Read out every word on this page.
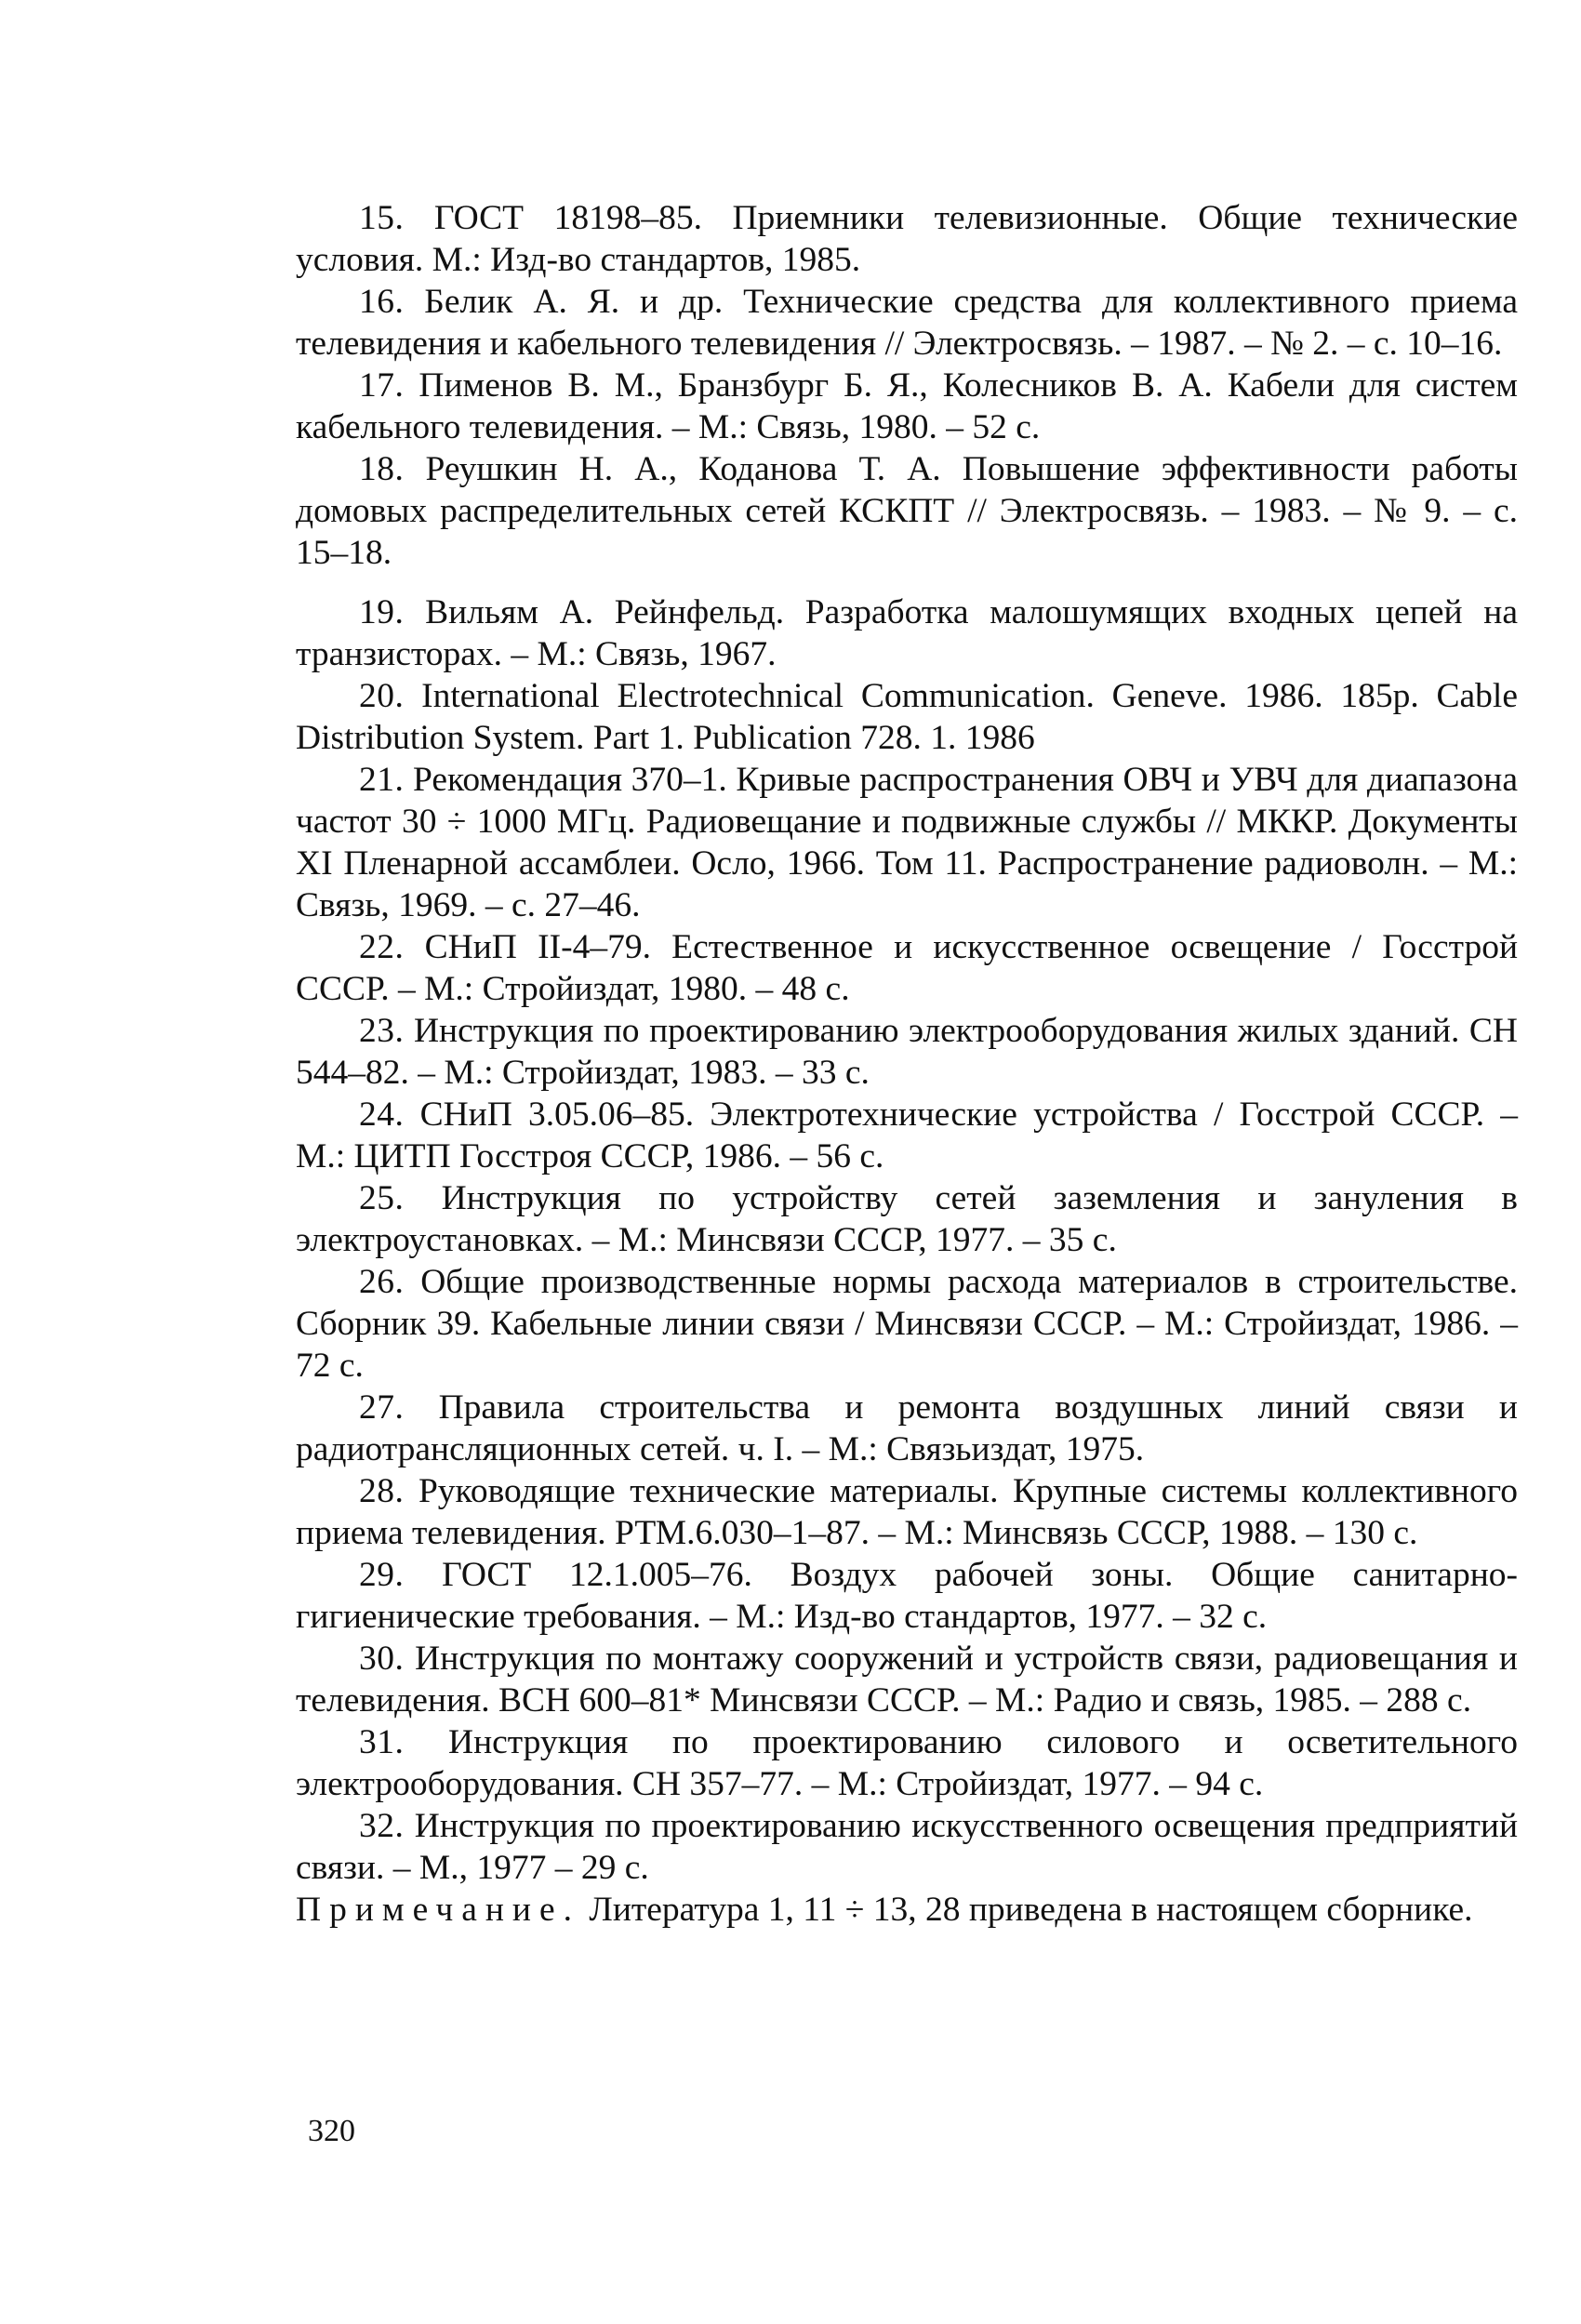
15. ГОСТ 18198–85. Приемники телевизионные. Общие технические условия. М.: Изд-во стандартов, 1985.

16. Белик А. Я. и др. Технические средства для коллективного приема телевидения и кабельного телевидения // Электросвязь. – 1987. – № 2. – с. 10–16.

17. Пименов В. М., Бранзбург Б. Я., Колесников В. А. Кабели для систем кабельного телевидения. – М.: Связь, 1980. – 52 с.

18. Реушкин Н. А., Коданова Т. А. Повышение эффективности работы домовых распределительных сетей КСКПТ // Электросвязь. – 1983. – № 9. – с. 15–18.

19. Вильям А. Рейнфельд. Разработка малошумящих входных цепей на транзисторах. – М.: Связь, 1967.

20. International Electrotechnical Communication. Geneve. 1986. 185p. Cable Distribution System. Part 1. Publication 728. 1. 1986

21. Рекомендация 370–1. Кривые распространения ОВЧ и УВЧ для диапазона частот 30 ÷ 1000 МГц. Радиовещание и подвижные службы // МККР. Документы XI Пленарной ассамблеи. Осло, 1966. Том 11. Распространение радиоволн. – М.: Связь, 1969. – с. 27–46.

22. СНиП II-4–79. Естественное и искусственное освещение / Госстрой СССР. – М.: Стройиздат, 1980. – 48 с.

23. Инструкция по проектированию электрооборудования жилых зданий. СН 544–82. – М.: Стройиздат, 1983. – 33 с.

24. СНиП 3.05.06–85. Электротехнические устройства / Госстрой СССР. – М.: ЦИТП Госстроя СССР, 1986. – 56 с.

25. Инструкция по устройству сетей заземления и зануления в электроустановках. – М.: Минсвязи СССР, 1977. – 35 с.

26. Общие производственные нормы расхода материалов в строительстве. Сборник 39. Кабельные линии связи / Минсвязи СССР. – М.: Стройиздат, 1986. – 72 с.

27. Правила строительства и ремонта воздушных линий связи и радиотрансляционных сетей. ч. I. – М.: Связьиздат, 1975.

28. Руководящие технические материалы. Крупные системы коллективного приема телевидения. РТМ.6.030–1–87. – М.: Минсвязь СССР, 1988. – 130 с.

29. ГОСТ 12.1.005–76. Воздух рабочей зоны. Общие санитарно-гигиенические требования. – М.: Изд-во стандартов, 1977. – 32 с.

30. Инструкция по монтажу сооружений и устройств связи, радиовещания и телевидения. ВСН 600–81* Минсвязи СССР. – М.: Радио и связь, 1985. – 288 с.

31. Инструкция по проектированию силового и осветительного электрооборудования. СН 357–77. – М.: Стройиздат, 1977. – 94 с.

32. Инструкция по проектированию искусственного освещения предприятий связи. – М., 1977 – 29 с.

Примечание. Литература 1, 11 ÷ 13, 28 приведена в настоящем сборнике.

320
